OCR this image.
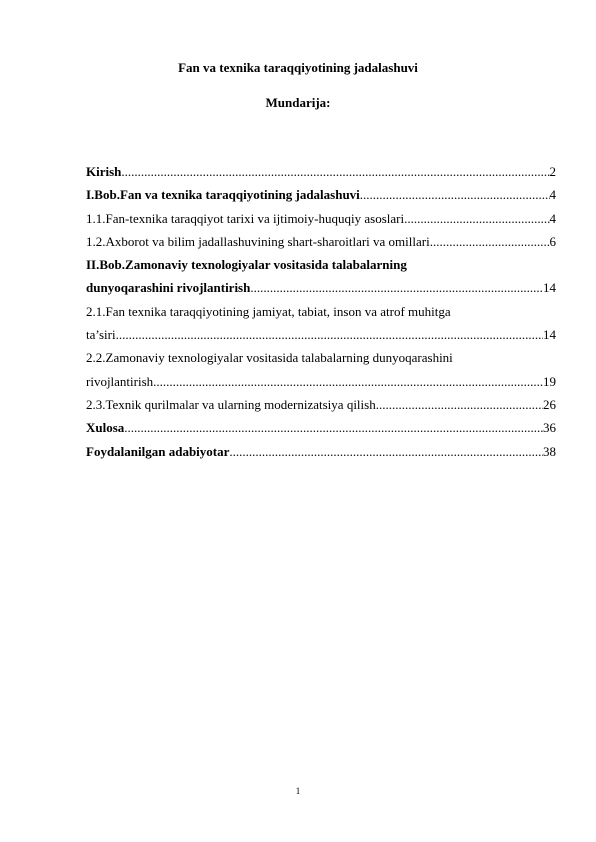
Fan va texnika taraqqiyotining jadalashuvi
Mundarija:
Kirish .....	2
I.Bob.Fan va texnika taraqqiyotining jadalashuvi .....	4
1.1.Fan-texnika taraqqiyot tarixi va ijtimoiy-huquqiy asoslari .....	4
1.2.Axborot va bilim jadallashuvining shart-sharoitlari va omillari .....	6
II.Bob.Zamonaviy texnologiyalar vositasida talabalarning
dunyoqarashini rivojlantirish .....	14
2.1.Fan texnika taraqqiyotining jamiyat, tabiat, inson va atrof muhitga
ta’siri .....	14
2.2.Zamonaviy texnologiyalar vositasida talabalarning dunyoqarashini
rivojlantirish .....	19
2.3.Texnik qurilmalar va ularning modernizatsiya qilish .....	26
Xulosa .....	36
Foydalanilgan adabiyotar .....	38
1
